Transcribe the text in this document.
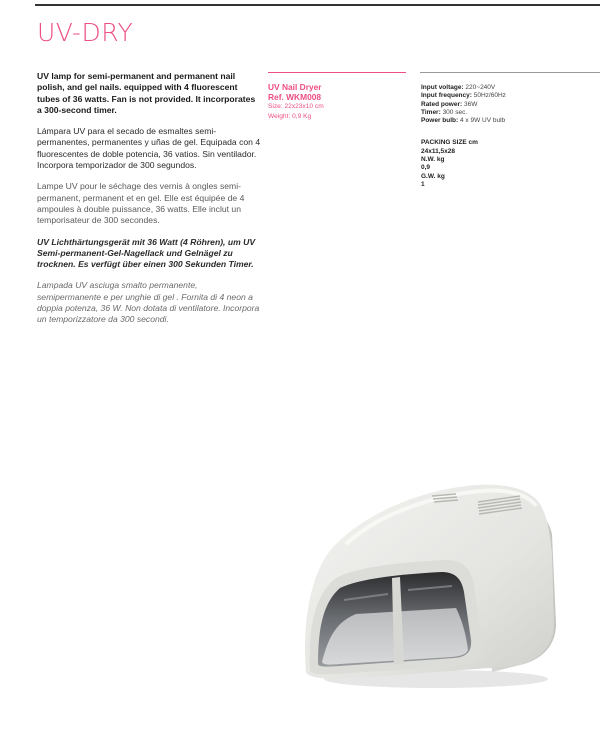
UV-DRY

UV lamp for semi-permanent and permanent nail polish, and gel nails. equipped with 4 fluorescent tubes of 36 watts. Fan is not provided. It incorporates a 300-second timer.

Lámpara UV para el secado de esmaltes semi-permanentes, permanentes y uñas de gel. Equipada con 4 fluorescentes de doble potencia, 36 vatios. Sin ventilador. Incorpora temporizador de 300 segundos.

Lampe UV pour le séchage des vernis à ongles semi-permanent, permanent et en gel. Elle est équipée de 4 ampoules à double puissance, 36 watts. Elle inclut un temporisateur de 300 secondes.

UV Lichthärtungsgerät mit 36 Watt (4 Röhren), um UV Semi-permanent-Gel-Nagellack und Gelnägel zu trocknen. Es verfügt über einen 300 Sekunden Timer.

Lampada UV asciuga smalto permanente, semipermanente e per unghie di gel . Fornita di 4 neon a doppia potenza, 36 W. Non dotata di ventilatore. Incorpora un temporizzatore da 300 secondi.

UV Nail Dryer
Ref. WKM008
Size: 22x23x10 cm
Weight: 0,9 Kg
Input voltage: 220~240V
Input frequency: 50Hz/60Hz
Rated power: 36W
Timer: 300 sec.
Power bulb: 4 x 9W UV bulb
PACKING SIZE cm
24x11,5x28
N.W. kg
0,9
G.W. kg
1
